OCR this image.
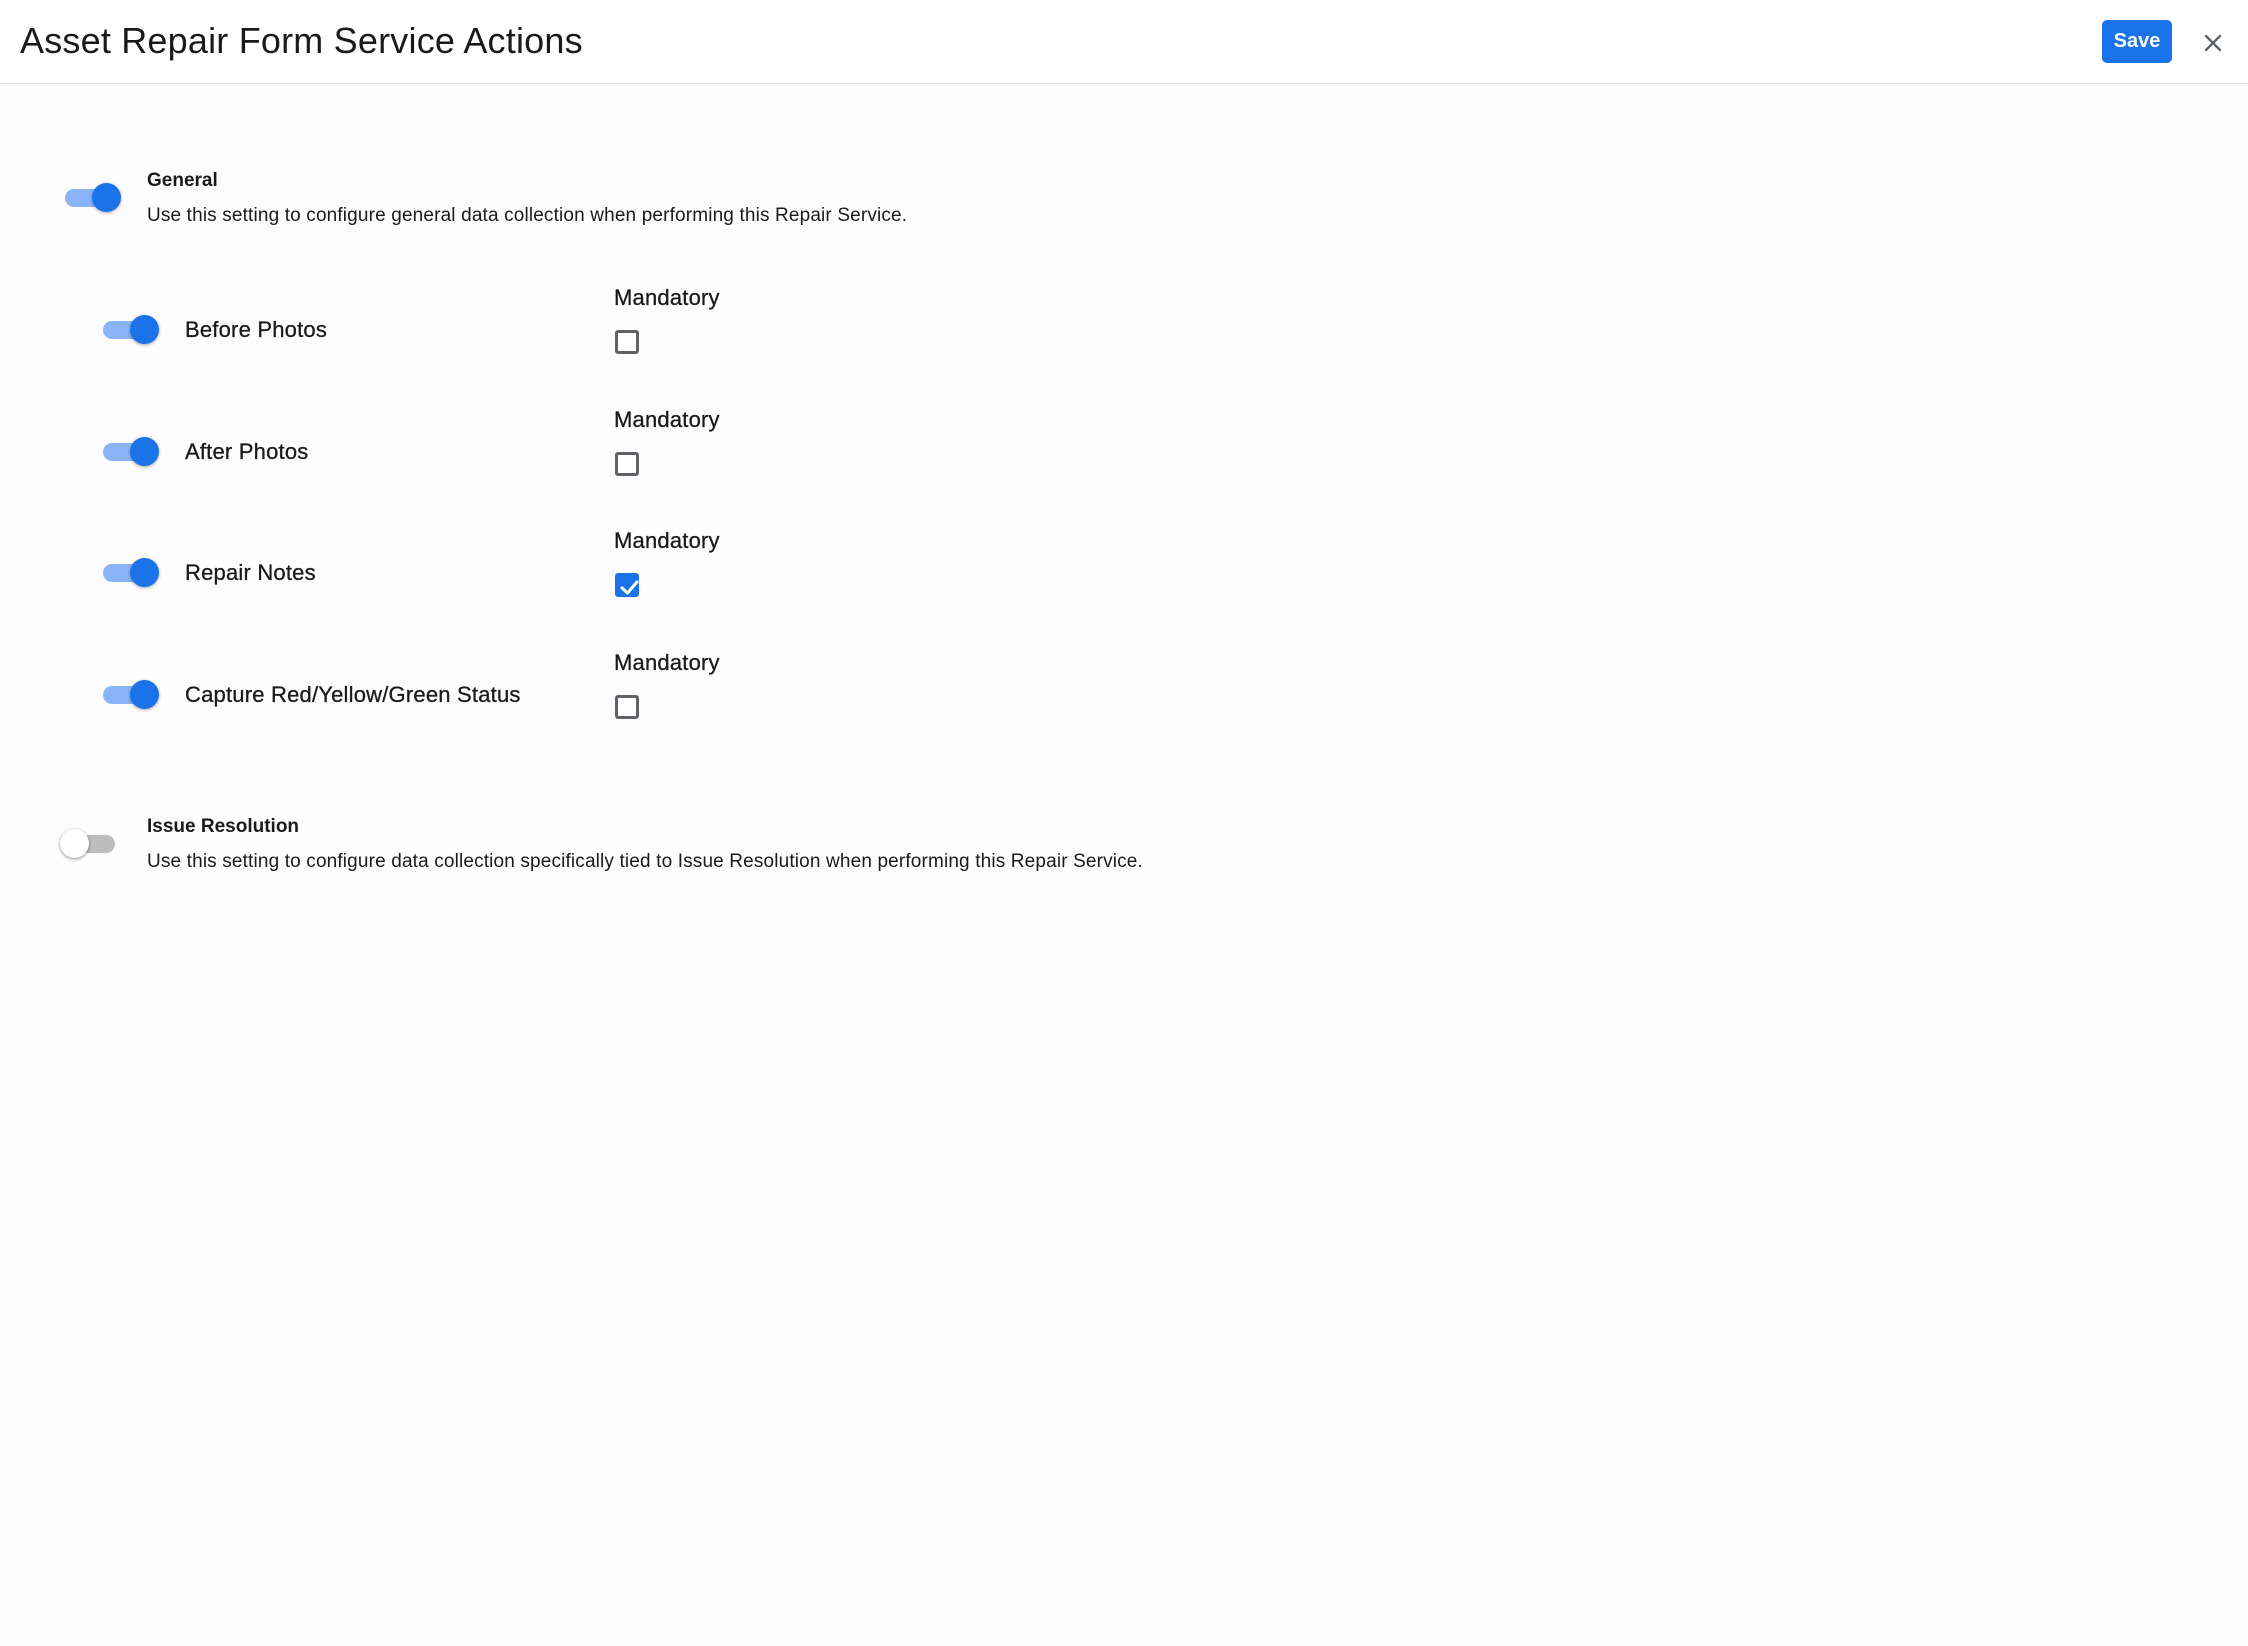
Asset Repair Form Service Actions	Save
General
Use this setting to configure general data collection when performing this Repair Service.
Before Photos
Mandatory
After Photos
Mandatory
Repair Notes
Mandatory
Capture Red/Yellow/Green Status
Mandatory
Issue Resolution
Use this setting to configure data collection specifically tied to Issue Resolution when performing this Repair Service.
